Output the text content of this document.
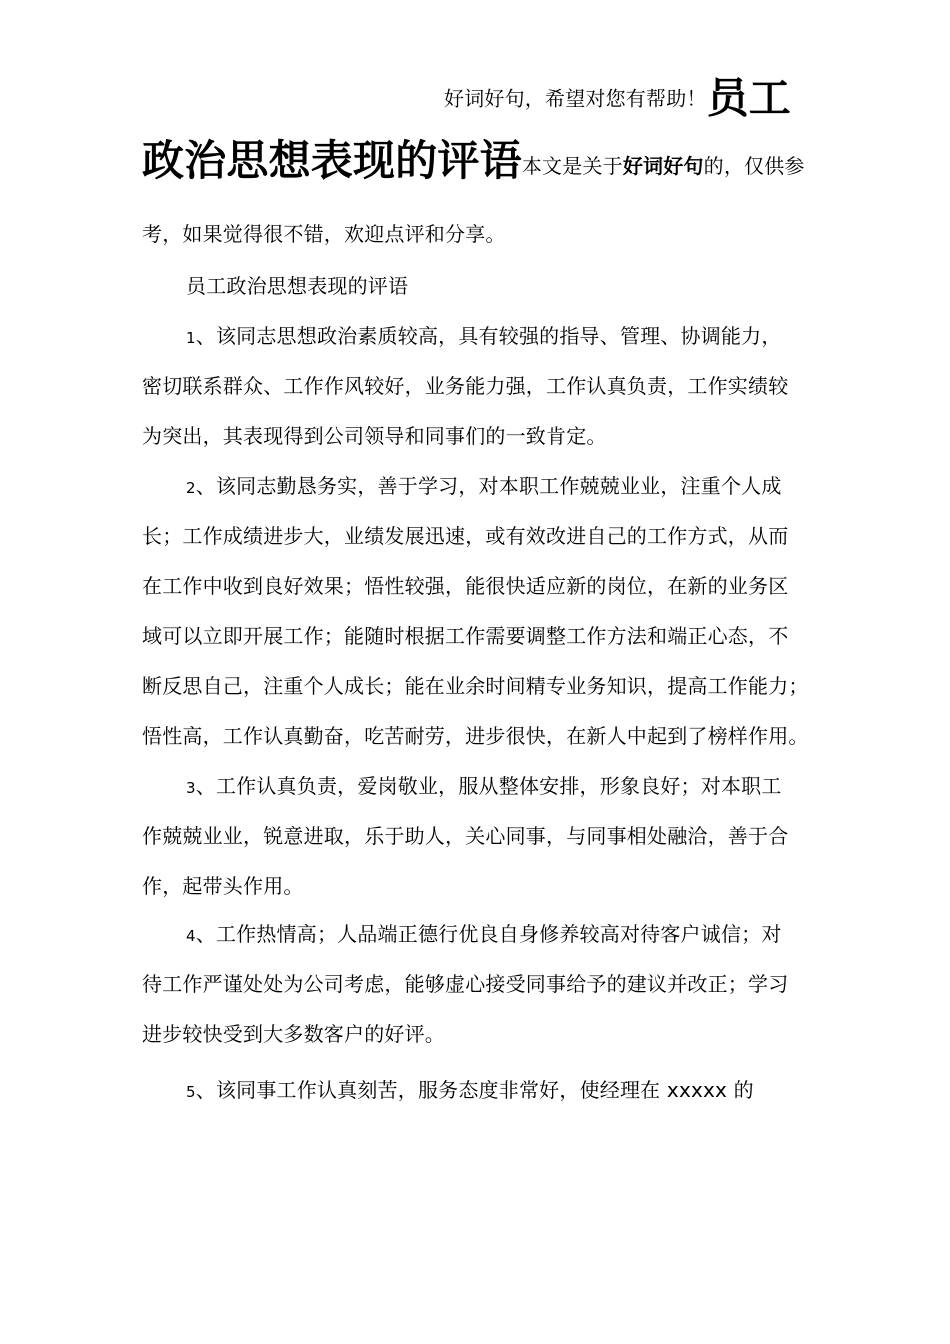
好词好句，希望对您有帮助！员工
政治思想表现的评语本文是关于好词好句的，仅供参

考，如果觉得很不错，欢迎点评和分享。

员工政治思想表现的评语

1、该同志思想政治素质较高，具有较强的指导、管理、协调能力，

密切联系群众、工作作风较好，业务能力强，工作认真负责，工作实绩较

为突出，其表现得到公司领导和同事们的一致肯定。

2、该同志勤恳务实，善于学习，对本职工作兢兢业业，注重个人成

长；工作成绩进步大，业绩发展迅速，或有效改进自己的工作方式，从而

在工作中收到良好效果；悟性较强，能很快适应新的岗位，在新的业务区

域可以立即开展工作；能随时根据工作需要调整工作方法和端正心态，不

断反思自己，注重个人成长；能在业余时间精专业务知识，提高工作能力；

悟性高，工作认真勤奋，吃苦耐劳，进步很快，在新人中起到了榜样作用。

3、工作认真负责，爱岗敬业，服从整体安排，形象良好；对本职工

作兢兢业业，锐意进取，乐于助人，关心同事，与同事相处融洽，善于合

作，起带头作用。

4、工作热情高；人品端正德行优良自身修养较高对待客户诚信；对

待工作严谨处处为公司考虑，能够虚心接受同事给予的建议并改正；学习

进步较快受到大多数客户的好评。

5、该同事工作认真刻苦，服务态度非常好，使经理在 xxxxx 的
